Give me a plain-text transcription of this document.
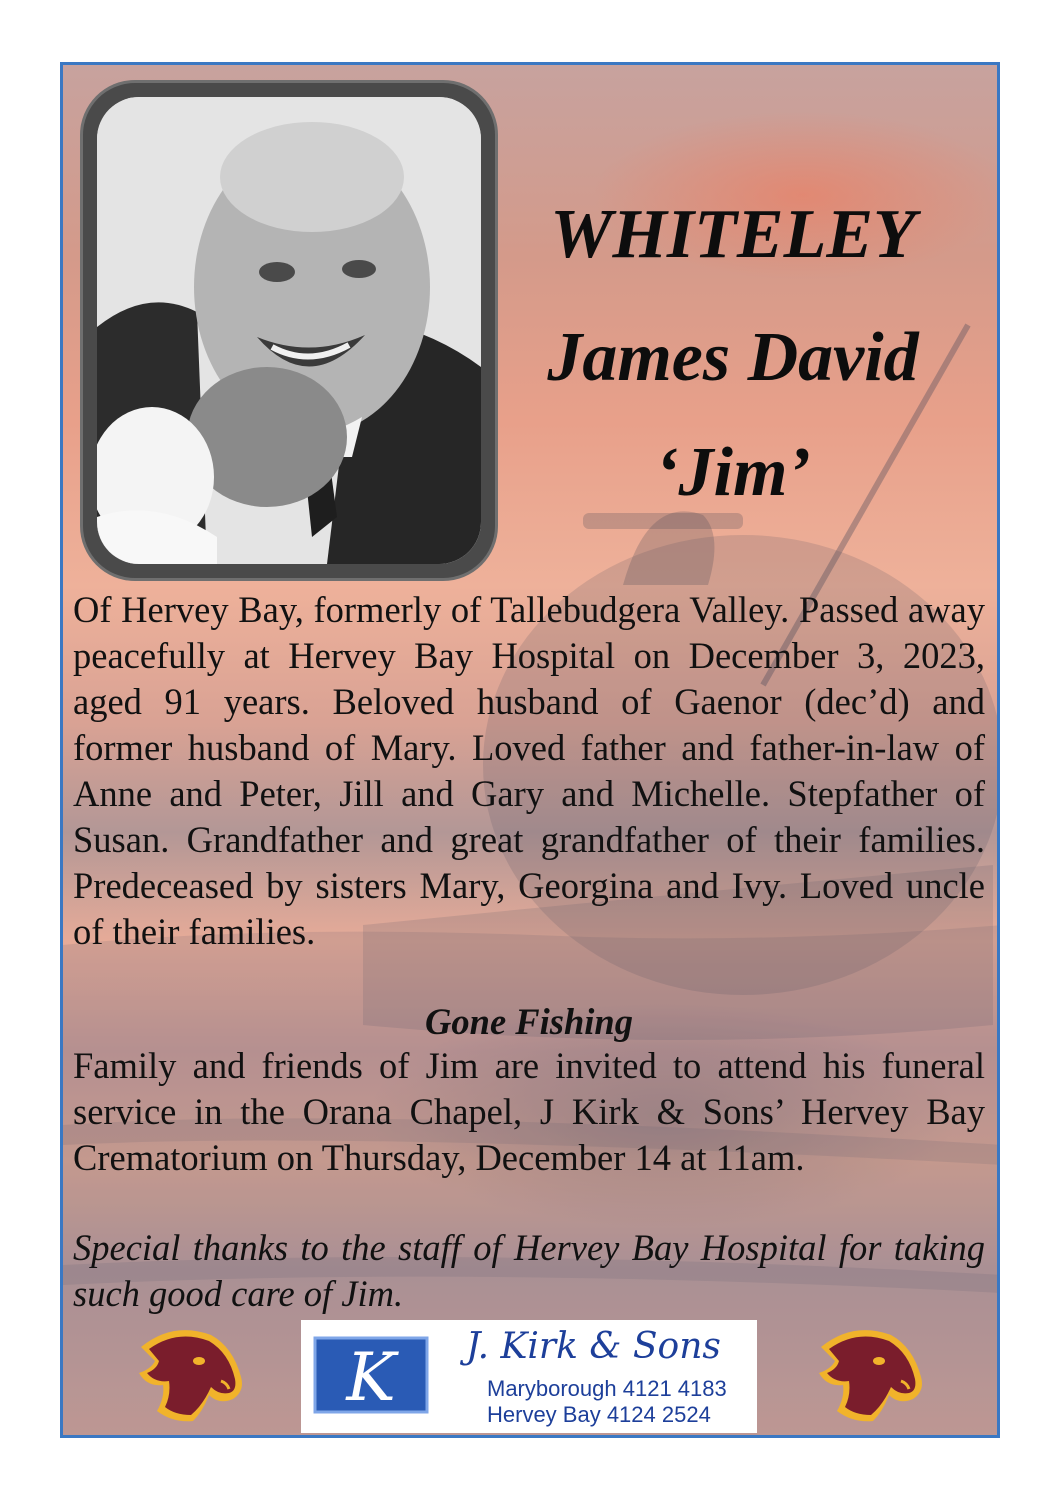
WHITELEY
James David
‘Jim’

Of Hervey Bay, formerly of Tallebudgera Valley. Passed away peacefully at Hervey Bay Hospital on December 3, 2023, aged 91 years. Beloved husband of Gaenor (dec’d) and former husband of Mary. Loved father and father-in-law of Anne and Peter, Jill and Gary and Michelle. Stepfather of Susan. Grandfather and great grandfather of their families. Predeceased by sisters Mary, Georgina and Ivy. Loved uncle of their families.

Gone Fishing

Family and friends of Jim are invited to attend his funeral service in the Orana Chapel, J Kirk & Sons’ Hervey Bay Crematorium on Thursday, December 14 at 11am.

Special thanks to the staff of Hervey Bay Hospital for taking such good care of Jim.

K J. Kirk & Sons
Maryborough 4121 4183
Hervey Bay 4124 2524
